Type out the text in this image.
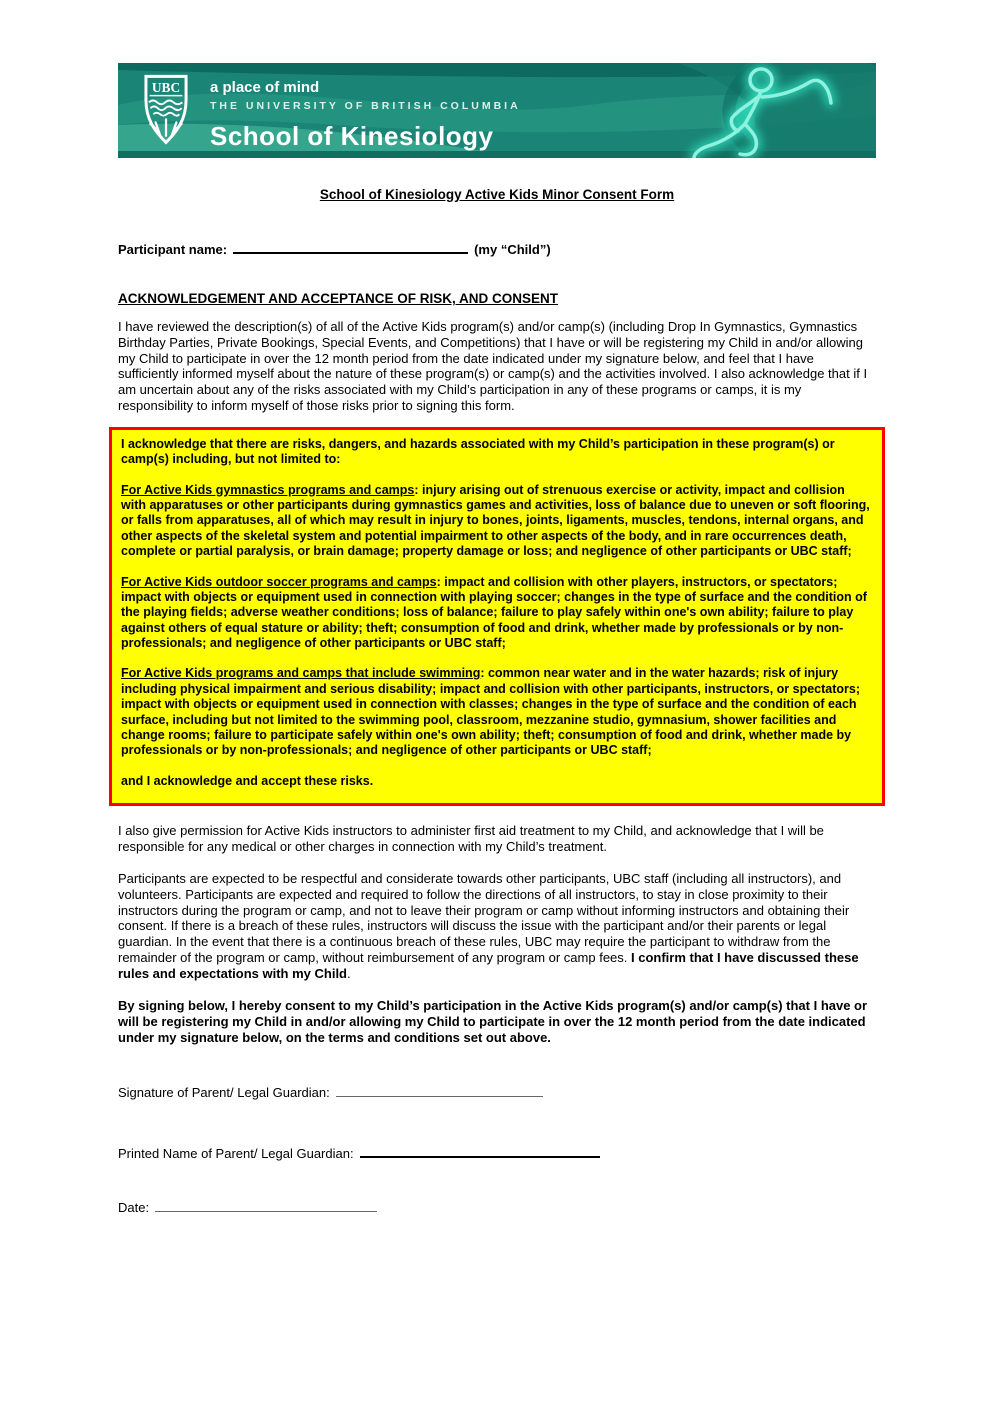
UBC a place of mind
THE UNIVERSITY OF BRITISH COLUMBIA
School of Kinesiology
School of Kinesiology Active Kids Minor Consent Form
Participant name:	(my “Child”)
ACKNOWLEDGEMENT AND ACCEPTANCE OF RISK, AND CONSENT

I have reviewed the description(s) of all of the Active Kids program(s) and/or camp(s) (including Drop In Gymnastics, Gymnastics Birthday Parties, Private Bookings, Special Events, and Competitions) that I have or will be registering my Child in and/or allowing my Child to participate in over the 12 month period from the date indicated under my signature below, and feel that I have sufficiently informed myself about the nature of these program(s) or camp(s) and the activities involved. I also acknowledge that if I am uncertain about any of the risks associated with my Child’s participation in any of these programs or camps, it is my responsibility to inform myself of those risks prior to signing this form.

I acknowledge that there are risks, dangers, and hazards associated with my Child’s participation in these program(s) or camp(s) including, but not limited to:

For Active Kids gymnastics programs and camps: injury arising out of strenuous exercise or activity, impact and collision with apparatuses or other participants during gymnastics games and activities, loss of balance due to uneven or soft flooring, or falls from apparatuses, all of which may result in injury to bones, joints, ligaments, muscles, tendons, internal organs, and other aspects of the skeletal system and potential impairment to other aspects of the body, and in rare occurrences death, complete or partial paralysis, or brain damage; property damage or loss; and negligence of other participants or UBC staff;

For Active Kids outdoor soccer programs and camps: impact and collision with other players, instructors, or spectators; impact with objects or equipment used in connection with playing soccer; changes in the type of surface and the condition of the playing fields; adverse weather conditions; loss of balance; failure to play safely within one's own ability; failure to play against others of equal stature or ability; theft; consumption of food and drink, whether made by professionals or by non-professionals; and negligence of other participants or UBC staff;

For Active Kids programs and camps that include swimming: common near water and in the water hazards; risk of injury including physical impairment and serious disability; impact and collision with other participants, instructors, or spectators; impact with objects or equipment used in connection with classes; changes in the type of surface and the condition of each surface, including but not limited to the swimming pool, classroom, mezzanine studio, gymnasium, shower facilities and change rooms; failure to participate safely within one's own ability; theft; consumption of food and drink, whether made by professionals or by non-professionals; and negligence of other participants or UBC staff;

and I acknowledge and accept these risks.

I also give permission for Active Kids instructors to administer first aid treatment to my Child, and acknowledge that I will be responsible for any medical or other charges in connection with my Child’s treatment.

Participants are expected to be respectful and considerate towards other participants, UBC staff (including all instructors), and volunteers. Participants are expected and required to follow the directions of all instructors, to stay in close proximity to their instructors during the program or camp, and not to leave their program or camp without informing instructors and obtaining their consent. If there is a breach of these rules, instructors will discuss the issue with the participant and/or their parents or legal guardian. In the event that there is a continuous breach of these rules, UBC may require the participant to withdraw from the remainder of the program or camp, without reimbursement of any program or camp fees. I confirm that I have discussed these rules and expectations with my Child.

By signing below, I hereby consent to my Child’s participation in the Active Kids program(s) and/or camp(s) that I have or will be registering my Child in and/or allowing my Child to participate in over the 12 month period from the date indicated under my signature below, on the terms and conditions set out above.

Signature of Parent/ Legal Guardian:
Printed Name of Parent/ Legal Guardian:
Date:
